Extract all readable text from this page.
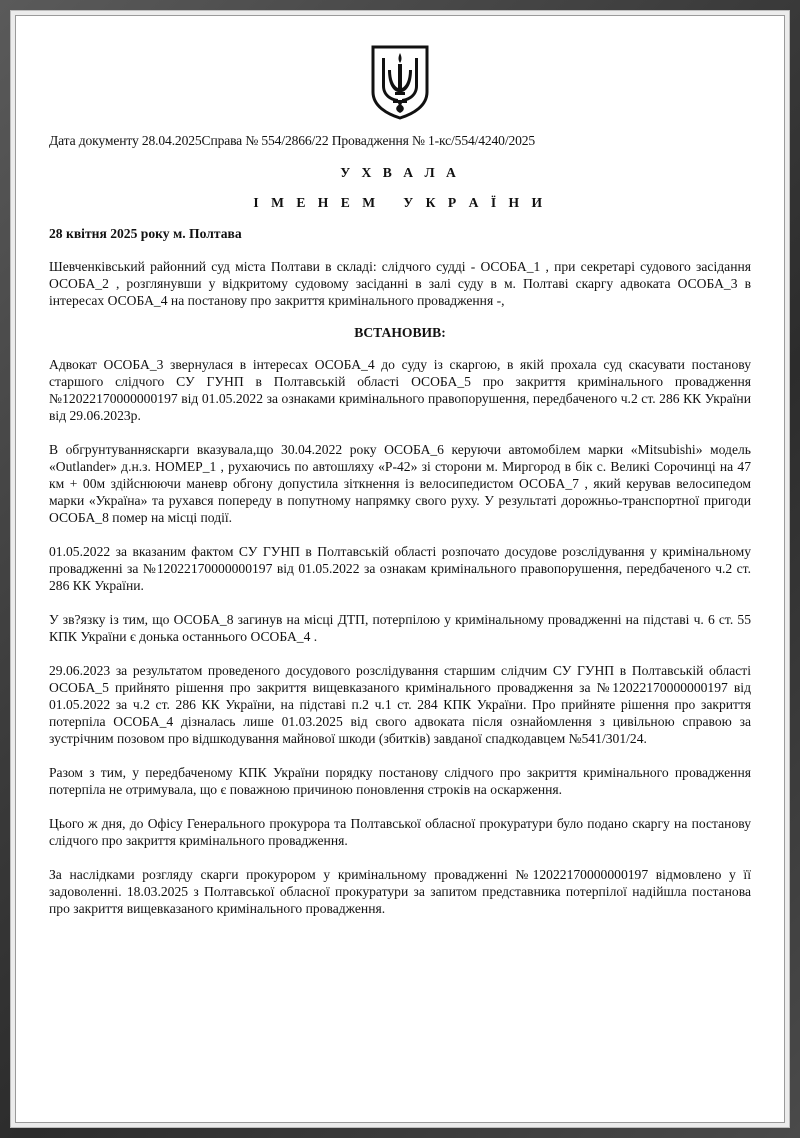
Дата документу 28.04.2025Справа № 554/2866/22 Провадження № 1-кс/554/4240/2025
У Х В А Л А
І М Е Н Е М   У К Р А Ї Н И
28 квітня 2025 року м. Полтава

Шевченківський районний суд міста Полтави в складі: слідчого судді - ОСОБА_1 , при секретарі судового засідання ОСОБА_2 , розглянувши у відкритому судовому засіданні в залі суду в м. Полтаві скаргу адвоката ОСОБА_3 в інтересах ОСОБА_4 на постанову про закриття кримінального провадження -,

ВСТАНОВИВ:

Адвокат ОСОБА_3 звернулася в інтересах ОСОБА_4 до суду із скаргою, в якій прохала суд скасувати постанову старшого слідчого СУ ГУНП в Полтавській області ОСОБА_5 про закриття кримінального провадження №12022170000000197 від 01.05.2022 за ознаками кримінального правопорушення, передбаченого ч.2 ст. 286 КК України від 29.06.2023р.

В обгрунтуванняскарги вказувала,що 30.04.2022 року ОСОБА_6 керуючи автомобілем марки «Mitsubishi» модель «Outlander» д.н.з. НОМЕР_1 , рухаючись по автошляху «Р-42» зі сторони м. Миргород в бік с. Великі Сорочинці на 47 км + 00м здійснюючи маневр обгону допустила зіткнення із велосипедистом ОСОБА_7 , який керував велосипедом марки «Україна» та рухався попереду в попутному напрямку свого руху. У результаті дорожньо-транспортної пригоди ОСОБА_8 помер на місці події.

01.05.2022 за вказаним фактом СУ ГУНП в Полтавській області розпочато досудове розслідування у кримінальному провадженні за №12022170000000197 від 01.05.2022 за ознакам кримінального правопорушення, передбаченого ч.2 ст. 286 КК України.

У зв?язку із тим, що ОСОБА_8 загинув на місці ДТП, потерпілою у кримінальному провадженні на підставі ч. 6 ст. 55 КПК України є донька останнього ОСОБА_4 .

29.06.2023 за результатом проведеного досудового розслідування старшим слідчим СУ ГУНП в Полтавській області ОСОБА_5 прийнято рішення про закриття вищевказаного кримінального провадження за №12022170000000197 від 01.05.2022 за ч.2 ст. 286 КК України, на підставі п.2 ч.1 ст. 284 КПК України. Про прийняте рішення про закриття потерпіла ОСОБА_4 дізналась лише 01.03.2025 від свого адвоката після ознайомлення з цивільною справою за зустрічним позовом про відшкодування майнової шкоди (збитків) завданої спадкодавцем №541/301/24.

Разом з тим, у передбаченому КПК України порядку постанову слідчого про закриття кримінального провадження потерпіла не отримувала, що є поважною причиною поновлення строків на оскарження.

Цього ж дня, до Офісу Генерального прокурора та Полтавської обласної прокуратури було подано скаргу на постанову слідчого про закриття кримінального провадження.

За наслідками розгляду скарги прокурором у кримінальному провадженні №12022170000000197 відмовлено у її задоволенні. 18.03.2025 з Полтавської обласної прокуратури за запитом представника потерпілої надійшла постанова про закриття вищевказаного кримінального провадження.
